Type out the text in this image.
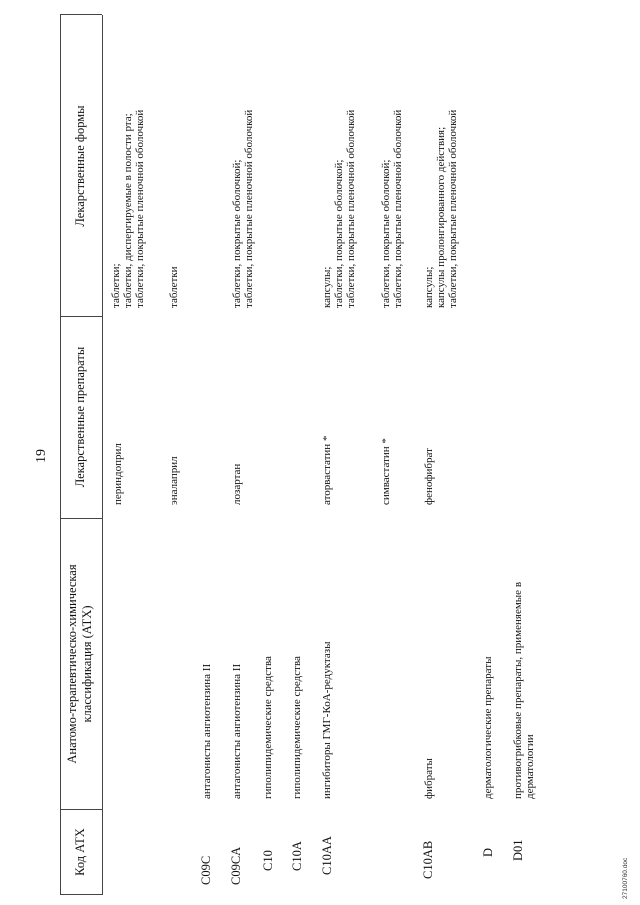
19
Код АТХ
Анатомо-терапевтическо-химическая классификация (АТХ)
Лекарственные препараты
Лекарственные формы
периндоприл
таблетки; таблетки, диспергируемые в полости рта; таблетки, покрытые пленочной оболочкой
эналаприл
таблетки
C09C
антагонисты ангиотензина II
C09CA
антагонисты ангиотензина II
лозартан
таблетки, покрытые оболочкой; таблетки, покрытые пленочной оболочкой
C10
гиполипидемические средства
C10A
гиполипидемические средства
C10AA
ингибиторы ГМГ-КоА-редуктазы
аторвастатин *
капсулы; таблетки, покрытые оболочкой; таблетки, покрытые пленочной оболочкой
симвастатин *
таблетки, покрытые оболочкой; таблетки, покрытые пленочной оболочкой
C10AB
фибраты
фенофибрат
капсулы; капсулы пролонгированного действия; таблетки, покрытые пленочной оболочкой
D
дерматологические препараты
D01
противогрибковые препараты, применяемые в дерматологии
27100760.doc
